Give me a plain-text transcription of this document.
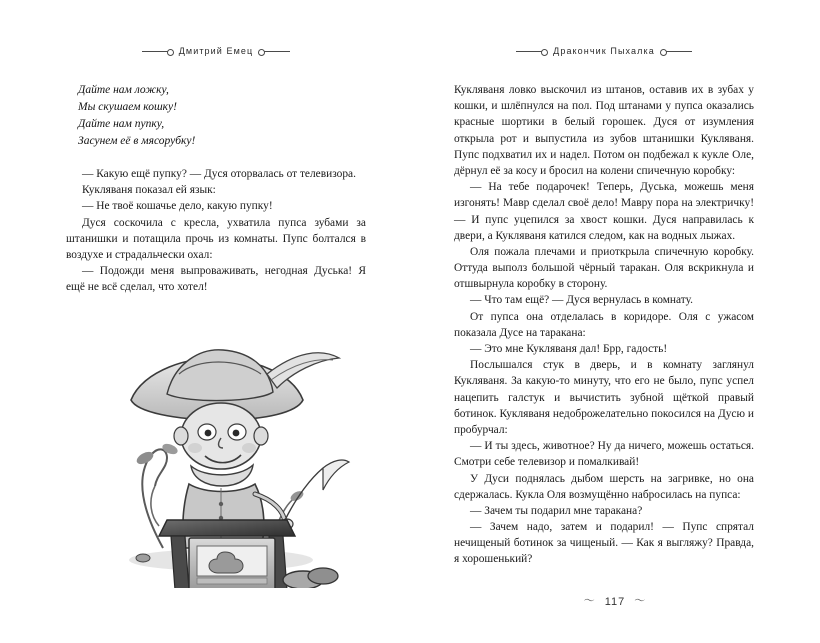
Дмитрий Емец
Дайте нам ложку,
Мы скушаем кошку!
Дайте нам пупку,
Засунем её в мясорубку!

— Какую ещё пупку? — Дуся оторвалась от телевизора.

Кукляваня показал ей язык:

— Не твоё кошачье дело, какую пупку!

Дуся соскочила с кресла, ухватила пупса зубами за штанишки и потащила прочь из комнаты. Пупс болтался в воздухе и страдальчески охал:

— Подожди меня выпроваживать, негодная Дуська! Я ещё не всё сделал, что хотел!

Дракончик Пыхалка

Кукляваня ловко выскочил из штанов, оставив их в зубах у кошки, и шлёпнулся на пол. Под штанами у пупса оказались красные шортики в белый горошек. Дуся от изумления открыла рот и выпустила из зубов штанишки Кукляваня. Пупс подхватил их и надел. Потом он подбежал к кукле Оле, дёрнул её за косу и бросил на колени спичечную коробку:

— На тебе подарочек! Теперь, Дуська, можешь меня изгонять! Мавр сделал своё дело! Мавру пора на электричку! — И пупс уцепился за хвост кошки. Дуся направилась к двери, а Кукляваня катился следом, как на водных лыжах.

Оля пожала плечами и приоткрыла спичечную коробку. Оттуда выполз большой чёрный таракан. Оля вскрикнула и отшвырнула коробку в сторону.

— Что там ещё? — Дуся вернулась в комнату.

От пупса она отделалась в коридоре. Оля с ужасом показала Дусе на таракана:

— Это мне Кукляваня дал! Брр, гадость!

Послышался стук в дверь, и в комнату заглянул Кукляваня. За какую-то минуту, что его не было, пупс успел нацепить галстук и вычистить зубной щёткой правый ботинок. Кукляваня недоброжелательно покосился на Дусю и пробурчал:

— И ты здесь, животное? Ну да ничего, можешь остаться. Смотри себе телевизор и помалкивай!

У Дуси поднялась дыбом шерсть на загривке, но она сдержалась. Кукла Оля возмущённо набросилась на пупса:

— Зачем ты подарил мне таракана?

— Зачем надо, затем и подарил! — Пупс спрятал нечищеный ботинок за чищеный. — Как я выгляжу? Правда, я хорошенький?

〜 117 〜
